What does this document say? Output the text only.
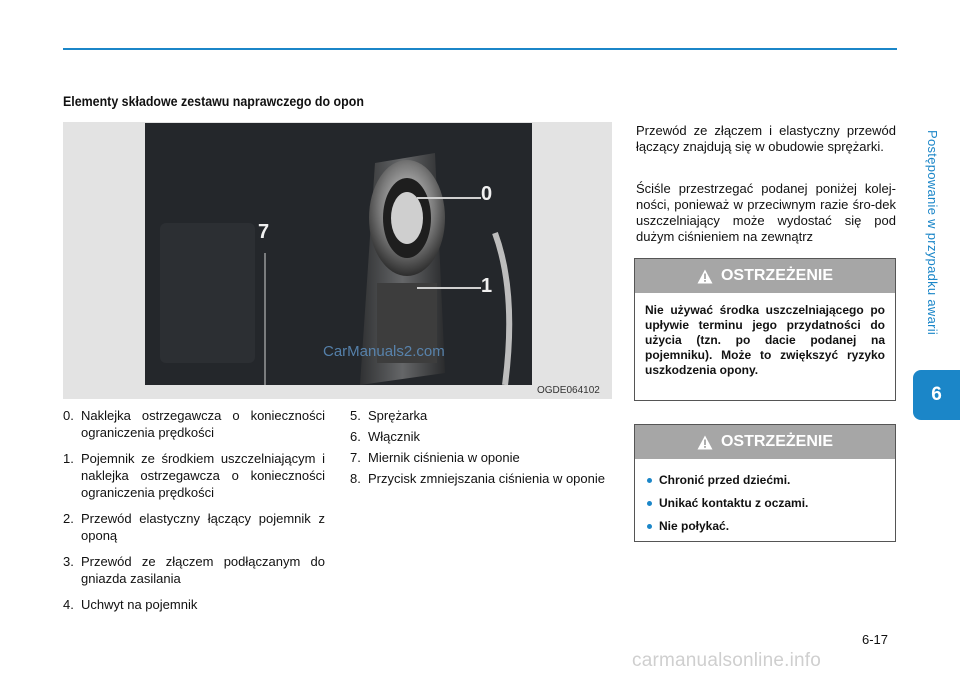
Postępowanie w przypadku awarii
6
Elementy składowe zestawu naprawczego do opon
0
1
7
CarManuals2.com
OGDE064102
0. Naklejka ostrzegawcza o konieczności ograniczenia prędkości
1. Pojemnik ze środkiem uszczelniającym i naklejka ostrzegawcza o konieczności ograniczenia prędkości
2. Przewód elastyczny łączący pojemnik z oponą
3. Przewód ze złączem podłączanym do gniazda zasilania
4. Uchwyt na pojemnik
5. Sprężarka
6. Włącznik
7. Miernik ciśnienia w oponie
8. Przycisk zmniejszania ciśnienia w oponie
Przewód ze złączem i elastyczny przewód łączący znajdują się w obudowie sprężarki.
Ściśle przestrzegać podanej poniżej kolej-ności, ponieważ w przeciwnym razie śro-dek uszczelniający może wydostać się pod dużym ciśnieniem na zewnątrz
OSTRZEŻENIE
Nie używać środka uszczelniającego po upływie terminu jego przydatności do użycia (tzn. po dacie podanej na pojemniku). Może to zwiększyć ryzyko uszkodzenia opony.
OSTRZEŻENIE
Chronić przed dziećmi.
Unikać kontaktu z oczami.
Nie połykać.
6-17
carmanualsonline.info
